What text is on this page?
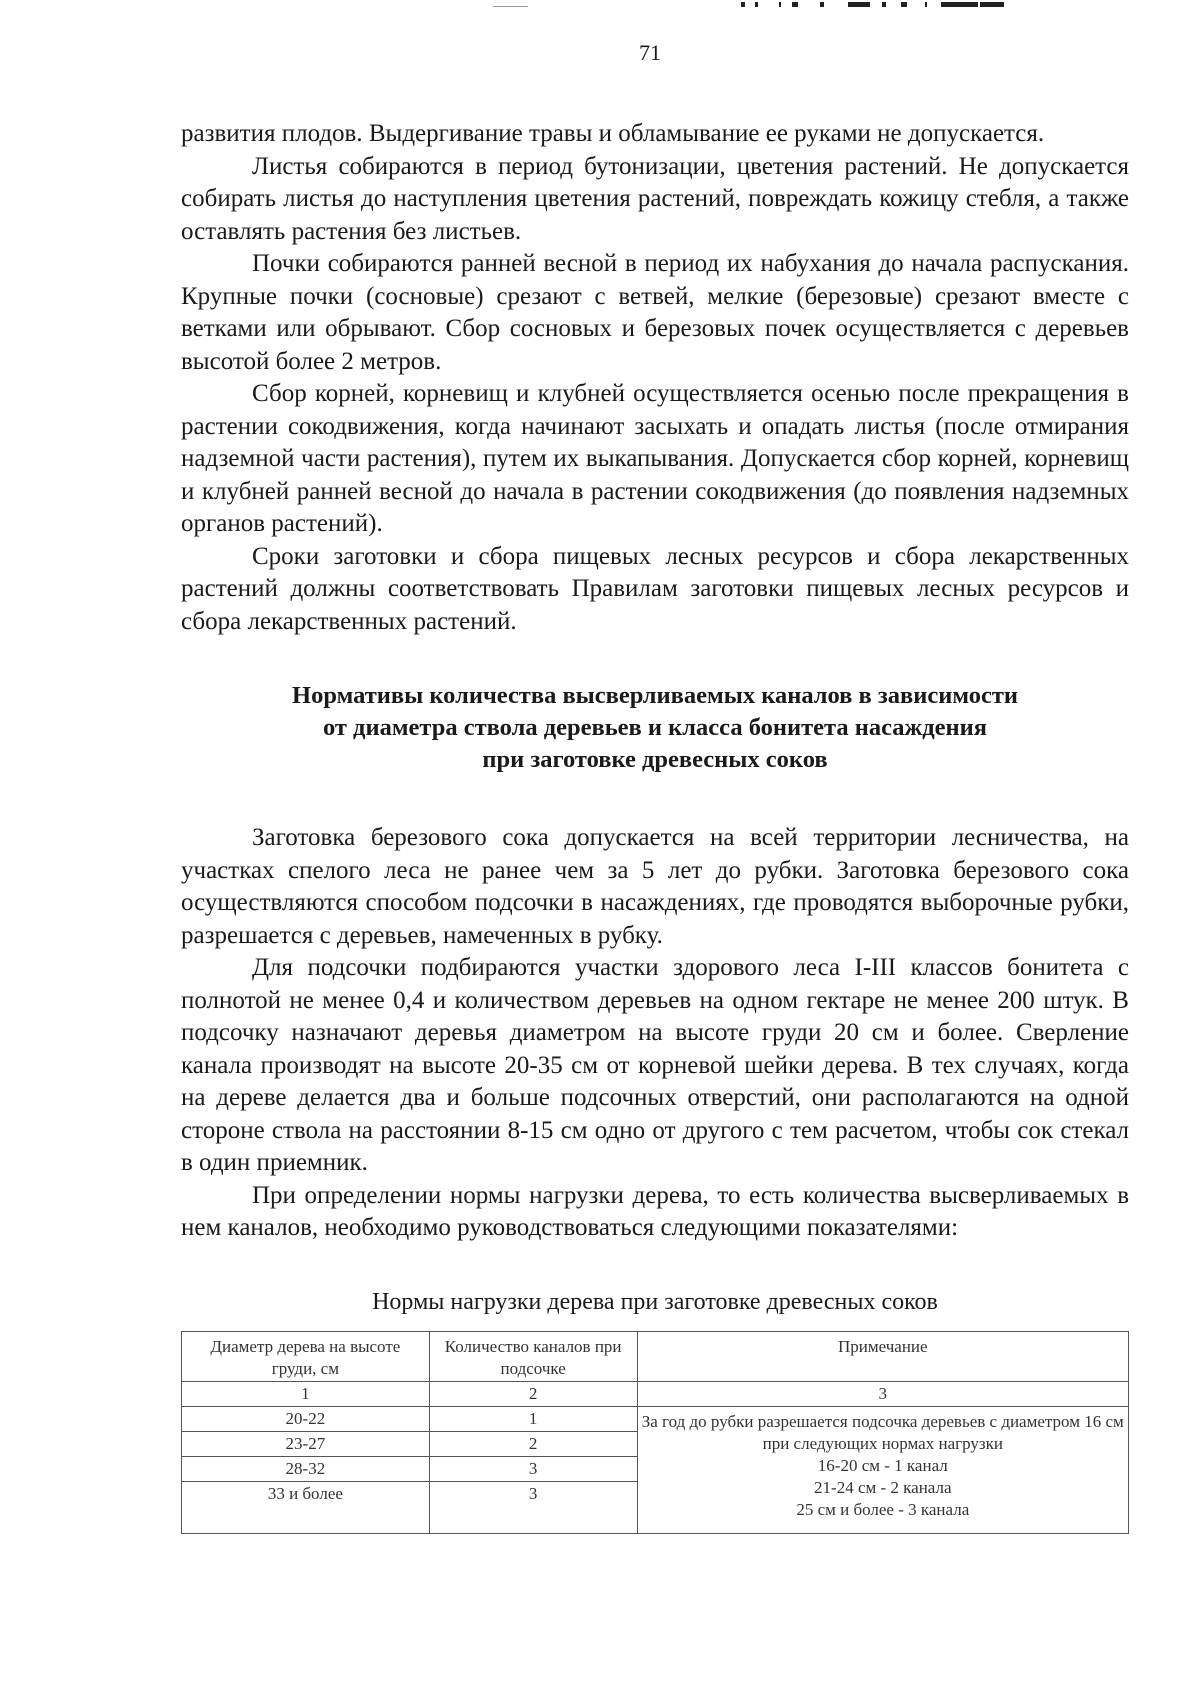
71

развития плодов. Выдергивание травы и обламывание ее руками не допускается.

Листья собираются в период бутонизации, цветения растений. Не допускается собирать листья до наступления цветения растений, повреждать кожицу стебля, а также оставлять растения без листьев.

Почки собираются ранней весной в период их набухания до начала распускания. Крупные почки (сосновые) срезают с ветвей, мелкие (березовые) срезают вместе с ветками или обрывают. Сбор сосновых и березовых почек осуществляется с деревьев высотой более 2 метров.

Сбор корней, корневищ и клубней осуществляется осенью после прекращения в растении сокодвижения, когда начинают засыхать и опадать листья (после отмирания надземной части растения), путем их выкапывания. Допускается сбор корней, корневищ и клубней ранней весной до начала в растении сокодвижения (до появления надземных органов растений).

Сроки заготовки и сбора пищевых лесных ресурсов и сбора лекарственных растений должны соответствовать Правилам заготовки пищевых лесных ресурсов и сбора лекарственных растений.

Нормативы количества высверливаемых каналов в зависимости
от диаметра ствола деревьев и класса бонитета насаждения
при заготовке древесных соков

Заготовка березового сока допускается на всей территории лесничества, на участках спелого леса не ранее чем за 5 лет до рубки. Заготовка березового сока осуществляются способом подсочки в насаждениях, где проводятся выборочные рубки, разрешается с деревьев, намеченных в рубку.

Для подсочки подбираются участки здорового леса I-III классов бонитета с полнотой не менее 0,4 и количеством деревьев на одном гектаре не менее 200 штук. В подсочку назначают деревья диаметром на высоте груди 20 см и более. Сверление канала производят на высоте 20-35 см от корневой шейки дерева. В тех случаях, когда на дереве делается два и больше подсочных отверстий, они располагаются на одной стороне ствола на расстоянии 8-15 см одно от другого с тем расчетом, чтобы сок стекал в один приемник.

При определении нормы нагрузки дерева, то есть количества высверливаемых в нем каналов, необходимо руководствоваться следующими показателями:

Нормы нагрузки дерева при заготовке древесных соков
Диаметр дерева на высоте груди, см	Количество каналов при подсочке	Примечание
1	2	3
20-22	1	За год до рубки разрешается подсочка деревьев с диаметром 16 см при следующих нормах нагрузки
16-20 см - 1 канал
21-24 см - 2 канала
25 см и более - 3 канала

23-27	2	
28-32	3	
33 и более	3	
